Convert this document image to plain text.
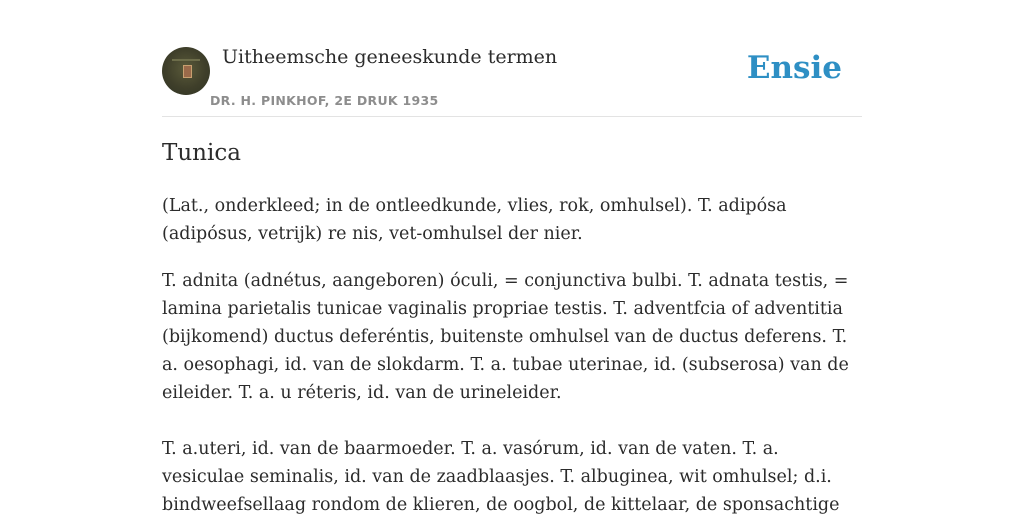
Uitheemsche geneeskunde termen
DR. H. PINKHOF, 2E DRUK 1935
Ensie
Tunica

(Lat., onderkleed; in de ontleedkunde, vlies, rok, omhulsel). T. adipósa (adipósus, vetrijk) re nis, vet-omhulsel der nier.

T. adnita (adnétus, aangeboren) óculi, = conjunctiva bulbi. T. adnata testis, = lamina parietalis tunicae vaginalis propriae testis. T. adventfcia of adventitia (bijkomend) ductus deferéntis, buitenste omhulsel van de ductus deferens. T. a. oesophagi, id. van de slokdarm. T. a. tubae uterinae, id. (subserosa) van de eileider. T. a. u réteris, id. van de urineleider.

T. a.uteri, id. van de baarmoeder. T. a. vasórum, id. van de vaten. T. a. vesiculae seminalis, id. van de zaadblaasjes. T. albuginea, wit omhulsel; d.i. bindweefsellaag rondom de klieren, de oogbol, de kittelaar, de sponsachtige
